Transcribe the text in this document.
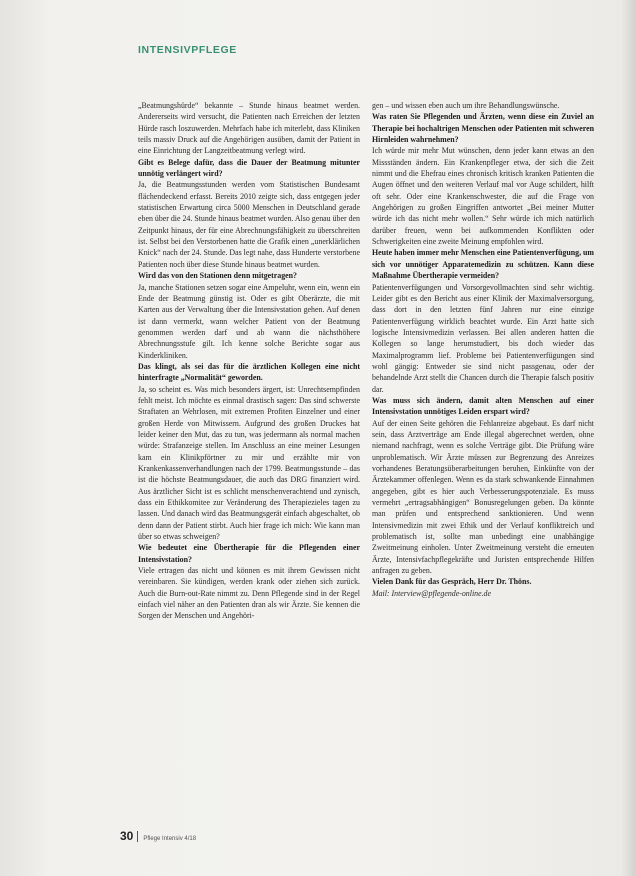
INTENSIVPFLEGE

„Beatmungshürde“ bekannte – Stunde hinaus beatmet werden. Andererseits wird versucht, die Patienten nach Erreichen der letzten Hürde rasch loszuwerden. Mehrfach habe ich miterlebt, dass Kliniken teils massiv Druck auf die Angehörigen ausüben, damit der Patient in eine Einrichtung der Langzeitbeatmung verlegt wird.

Gibt es Belege dafür, dass die Dauer der Beatmung mitunter unnötig verlängert wird?

Ja, die Beatmungsstunden werden vom Statistischen Bundesamt flächendeckend erfasst. Bereits 2010 zeigte sich, dass entgegen jeder statistischen Erwartung circa 5000 Menschen in Deutschland gerade eben über die 24. Stunde hinaus beatmet wurden. Also genau über den Zeitpunkt hinaus, der für eine Abrechnungsfähigkeit zu überschreiten ist. Selbst bei den Verstorbenen hatte die Grafik einen „unerklärlichen Knick“ nach der 24. Stunde. Das legt nahe, dass Hunderte verstorbene Patienten noch über diese Stunde hinaus beatmet wurden.

Wird das von den Stationen denn mitgetragen?

Ja, manche Stationen setzen sogar eine Ampeluhr, wenn ein, wenn ein Ende der Beatmung günstig ist. Oder es gibt Oberärzte, die mit Karten aus der Verwaltung über die Intensivstation gehen. Auf denen ist dann vermerkt, wann welcher Patient von der Beatmung genommen werden darf und ab wann die nächsthöhere Abrechnungsstufe gilt. Ich kenne solche Berichte sogar aus Kinderkliniken.

Das klingt, als sei das für die ärztlichen Kollegen eine nicht hinterfragte „Normalität“ geworden.

Ja, so scheint es. Was mich besonders ärgert, ist: Unrechtsempfinden fehlt meist. Ich möchte es einmal drastisch sagen: Das sind schwerste Straftaten an Wehrlosen, mit extremen Profiten Einzelner und einer großen Herde von Mitwissern. Aufgrund des großen Druckes hat leider keiner den Mut, das zu tun, was jedermann als normal machen würde: Strafanzeige stellen. Im Anschluss an eine meiner Lesungen kam ein Klinikpförtner zu mir und erzählte mir von Krankenkassenverhandlungen nach der 1799. Beatmungsstunde – das ist die höchste Beatmungsdauer, die auch das DRG finanziert wird. Aus ärztlicher Sicht ist es schlicht menschenverachtend und zynisch, dass ein Ethikkomitee zur Veränderung des Therapiezieles tagen zu lassen. Und danach wird das Beatmungsgerät einfach abgeschaltet, ob denn dann der Patient stirbt. Auch hier frage ich mich: Wie kann man über so etwas schweigen?

Wie bedeutet eine Übertherapie für die Pflegenden einer Intensivstation?

Viele ertragen das nicht und können es mit ihrem Gewissen nicht vereinbaren. Sie kündigen, werden krank oder ziehen sich zurück. Auch die Burn-out-Rate nimmt zu. Denn Pflegende sind in der Regel einfach viel näher an den Patienten dran als wir Ärzte. Sie kennen die Sorgen der Menschen und Angehöri-

gen – und wissen eben auch um ihre Behandlungswünsche.

Was raten Sie Pflegenden und Ärzten, wenn diese ein Zuviel an Therapie bei hochaltrigen Menschen oder Patienten mit schweren Hirnleiden wahrnehmen?

Ich würde mir mehr Mut wünschen, denn jeder kann etwas an den Missständen ändern. Ein Krankenpfleger etwa, der sich die Zeit nimmt und die Ehefrau eines chronisch kritisch kranken Patienten die Augen öffnet und den weiteren Verlauf mal vor Auge schildert, hilft oft sehr. Oder eine Krankenschwester, die auf die Frage von Angehörigen zu großen Eingriffen antwortet „Bei meiner Mutter würde ich das nicht mehr wollen.“ Sehr würde ich mich natürlich darüber freuen, wenn bei aufkommenden Konflikten oder Schwerigkeiten eine zweite Meinung empfohlen wird.

Heute haben immer mehr Menschen eine Patientenverfügung, um sich vor unnötiger Apparatemedizin zu schützen. Kann diese Maßnahme Übertherapie vermeiden?

Patientenverfügungen und Vorsorgevollmachten sind sehr wichtig. Leider gibt es den Bericht aus einer Klinik der Maximalversorgung, dass dort in den letzten fünf Jahren nur eine einzige Patientenverfügung wirklich beachtet wurde. Ein Arzt hatte sich logische Intensivmedizin verlassen. Bei allen anderen hatten die Kollegen so lange herumstudiert, bis doch wieder das Maximalprogramm lief. Probleme bei Patientenverfügungen sind wohl gängig: Entweder sie sind nicht passgenau, oder der behandelnde Arzt stellt die Chancen durch die Therapie falsch positiv dar.

Was muss sich ändern, damit alten Menschen auf einer Intensivstation unnötiges Leiden erspart wird?

Auf der einen Seite gehören die Fehlanreize abgebaut. Es darf nicht sein, dass Arztverträge am Ende illegal abgerechnet werden, ohne niemand nachfragt, wenn es solche Verträge gibt. Die Prüfung wäre unproblematisch. Wir Ärzte müssen zur Begrenzung des Anreizes vorhandenes Beratungsüberarbeitungen beruhen, Einkünfte von der Ärztekammer offenlegen. Wenn es da stark schwankende Einnahmen angegeben, gibt es hier auch Verbesserungspotenziale. Es muss vermehrt „ertragsabhängigen“ Bonusregelungen geben. Da könnte man prüfen und entsprechend sanktionieren. Und wenn Intensivmedizin mit zwei Ethik und der Verlauf konfliktreich und problematisch ist, sollte man unbedingt eine unabhängige Zweitmeinung einholen. Unter Zweitmeinung versteht die erneuten Ärzte, Intensivfachpflegekräfte und Juristen entsprechende Hilfen anfragen zu geben.

Vielen Dank für das Gespräch, Herr Dr. Thöns.

Mail: Interview@pflegende-online.de

30 Pflege Intensiv 4/18
